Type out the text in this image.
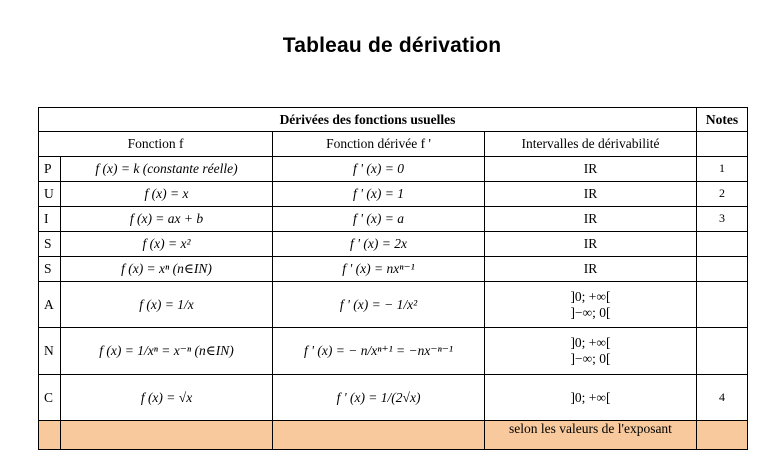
Tableau de dérivation
Dérivées des fonctions usuelles				Notes
Fonction f		Fonction dérivée f '	Intervalles de dérivabilité	
P	f (x) = k (constante réelle)	f ' (x) = 0	IR	1
U	f (x) = x	f ' (x) = 1	IR	2
I	f (x) = ax + b	f ' (x) = a	IR	3
S	f (x) = x²	f ' (x) = 2x	IR	
S	f (x) = xⁿ (n∈IN)	f ' (x) = nxⁿ⁻¹	IR	
A	f (x) = 1/x	f ' (x) = − 1/x²	]0; +∞[
]−∞; 0[	

N	f (x) = 1/xⁿ = x⁻ⁿ (n∈IN)	f ' (x) = − n/xⁿ⁺¹ = −nx⁻ⁿ⁻¹	]0; +∞[
]−∞; 0[	

C	f (x) = √x	f ' (x) = 1/(2√x)	]0; +∞[	4
			selon les valeurs de l'exposant	
